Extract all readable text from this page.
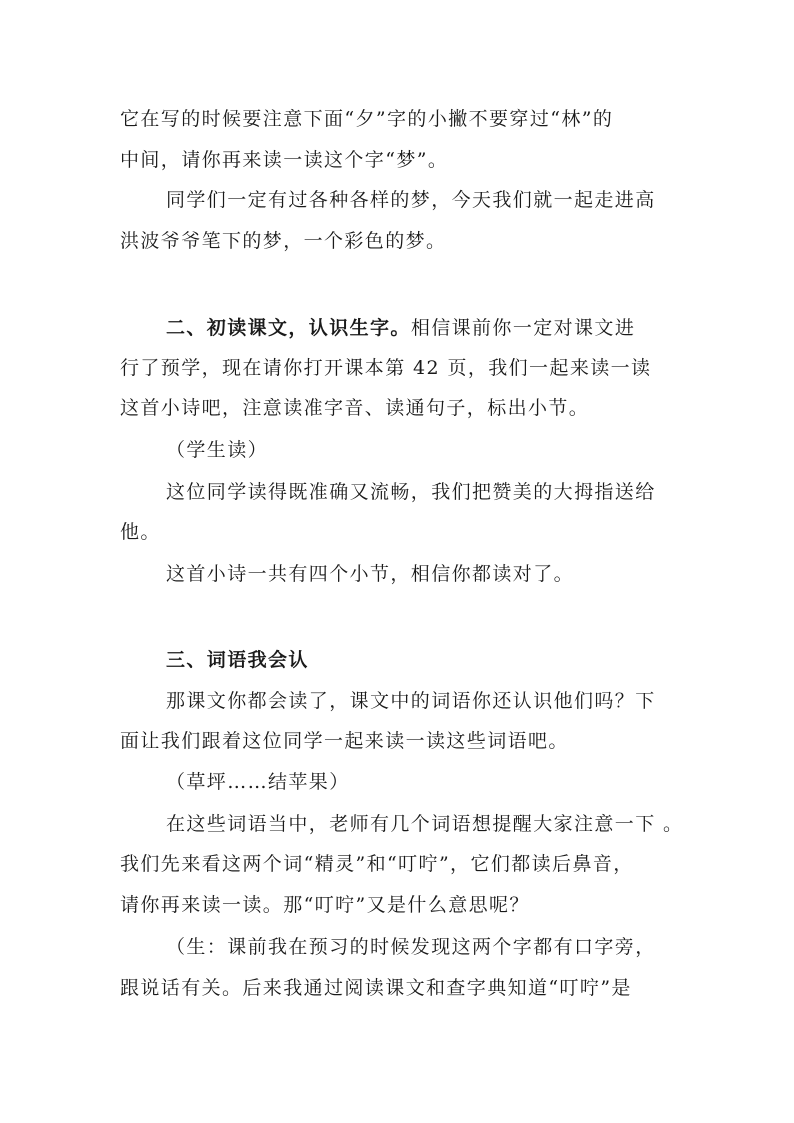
它在写的时候要注意下面“夕”字的小撇不要穿过“林”的
中间，请你再来读一读这个字“梦”。
同学们一定有过各种各样的梦，今天我们就一起走进高
洪波爷爷笔下的梦，一个彩色的梦。
二、初读课文，认识生字。相信课前你一定对课文进
行了预学，现在请你打开课本第 42 页，我们一起来读一读
这首小诗吧，注意读准字音、读通句子，标出小节。
（学生读）
这位同学读得既准确又流畅，我们把赞美的大拇指送给
他。
这首小诗一共有四个小节，相信你都读对了。
三、词语我会认
那课文你都会读了，课文中的词语你还认识他们吗？下
面让我们跟着这位同学一起来读一读这些词语吧。
（草坪……结苹果）
在这些词语当中，老师有几个词语想提醒大家注意一下 。
我们先来看这两个词“精灵”和“叮咛”，它们都读后鼻音，
请你再来读一读。那“叮咛”又是什么意思呢？
（生：课前我在预习的时候发现这两个字都有口字旁，
跟说话有关。后来我通过阅读课文和查字典知道“叮咛”是
